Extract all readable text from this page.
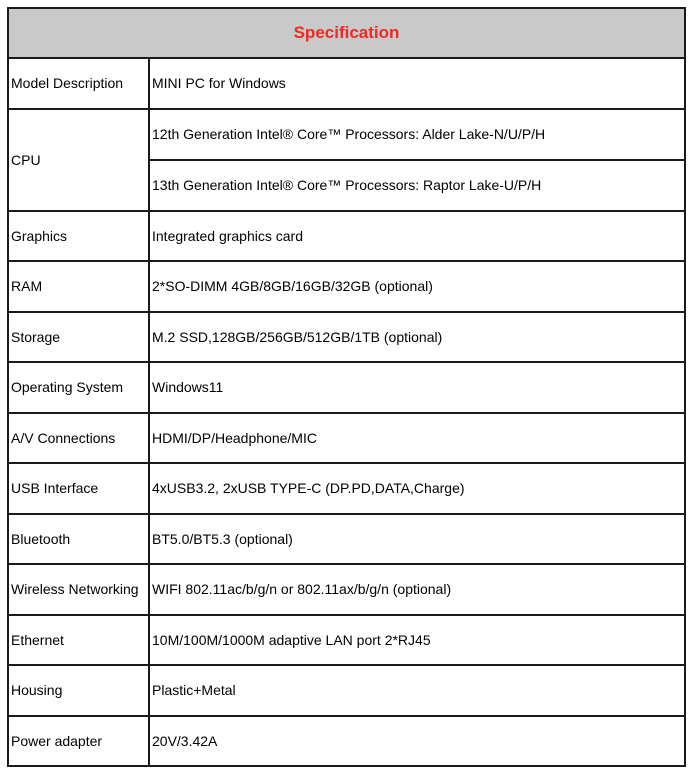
Specification	
Model Description	MINI PC for Windows
CPU	12th Generation Intel® Core™ Processors: Alder Lake-N/U/P/H
	13th Generation Intel® Core™ Processors: Raptor Lake-U/P/H
Graphics	Integrated graphics card
RAM	2*SO-DIMM 4GB/8GB/16GB/32GB (optional)
Storage	M.2 SSD,128GB/256GB/512GB/1TB (optional)
Operating System	Windows11
A/V Connections	HDMI/DP/Headphone/MIC
USB Interface	4xUSB3.2, 2xUSB TYPE-C (DP.PD,DATA,Charge)
Bluetooth	BT5.0/BT5.3 (optional)
Wireless Networking	WIFI 802.11ac/b/g/n or 802.11ax/b/g/n (optional)
Ethernet	10M/100M/1000M adaptive LAN port 2*RJ45
Housing	Plastic+Metal
Power adapter	20V/3.42A
